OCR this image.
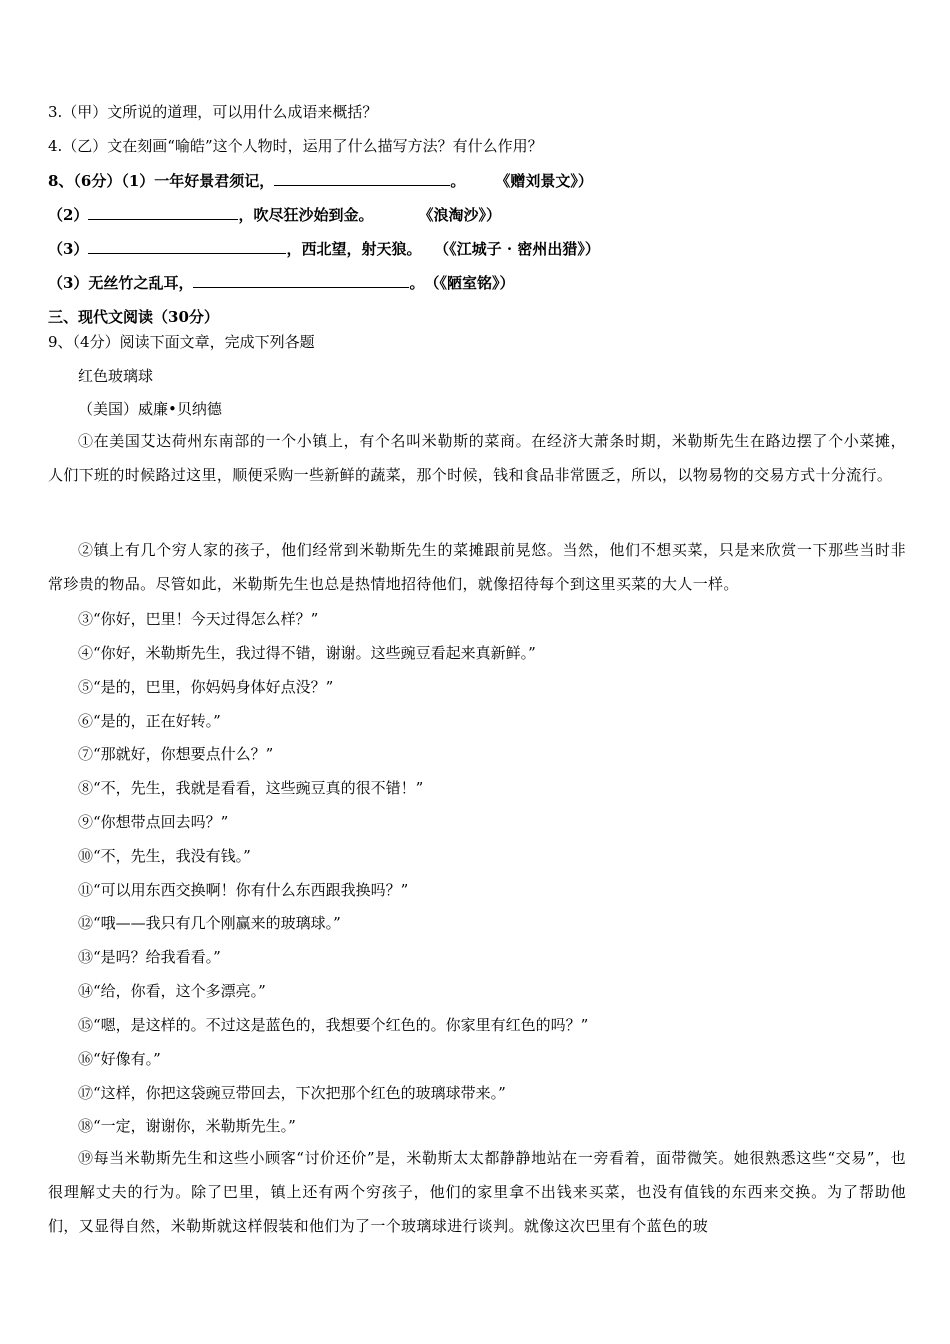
3.（甲）文所说的道理，可以用什么成语来概括？
4.（乙）文在刻画“喻皓”这个人物时，运用了什么描写方法？有什么作用？
8、（6分）（1）一年好景君须记，	。　　　《赠刘景文》）
（2）	，吹尽狂沙始到金。　　　　《浪淘沙》）
（3）	，西北望，射天狼。　 （《江城子 · 密州出猎》）
（3）无丝竹之乱耳，	。　（《陋室铭》）
三、现代文阅读（30分）
9、（4分）阅读下面文章，完成下列各题
红色玻璃球
（美国）威廉•贝纳德
①在美国艾达荷州东南部的一个小镇上，有个名叫米勒斯的菜商。在经济大萧条时期，米勒斯先生在路边摆了个小菜摊，人们下班的时候路过这里，顺便采购一些新鲜的蔬菜，那个时候，钱和食品非常匮乏，所以，以物易物的交易方式十分流行。
②镇上有几个穷人家的孩子，他们经常到米勒斯先生的菜摊跟前晃悠。当然，他们不想买菜，只是来欣赏一下那些当时非常珍贵的物品。尽管如此，米勒斯先生也总是热情地招待他们，就像招待每个到这里买菜的大人一样。
③“你好，巴里！今天过得怎么样？”
④“你好，米勒斯先生，我过得不错，谢谢。这些豌豆看起来真新鲜。”
⑤“是的，巴里，你妈妈身体好点没？”
⑥“是的，正在好转。”
⑦“那就好，你想要点什么？”
⑧“不，先生，我就是看看，这些豌豆真的很不错！”
⑨“你想带点回去吗？”
⑩“不，先生，我没有钱。”
⑪“可以用东西交换啊！你有什么东西跟我换吗？”
⑫“哦——我只有几个刚赢来的玻璃球。”
⑬“是吗？给我看看。”
⑭“给，你看，这个多漂亮。”
⑮“嗯，是这样的。不过这是蓝色的，我想要个红色的。你家里有红色的吗？”
⑯“好像有。”
⑰“这样，你把这袋豌豆带回去，下次把那个红色的玻璃球带来。”
⑱“一定，谢谢你，米勒斯先生。”
⑲每当米勒斯先生和这些小顾客“讨价还价”是，米勒斯太太都静静地站在一旁看着，面带微笑。她很熟悉这些“交易”，也很理解丈夫的行为。除了巴里，镇上还有两个穷孩子，他们的家里拿不出钱来买菜，也没有值钱的东西来交换。为了帮助他们，又显得自然，米勒斯就这样假装和他们为了一个玻璃球进行谈判。就像这次巴里有个蓝色的玻
